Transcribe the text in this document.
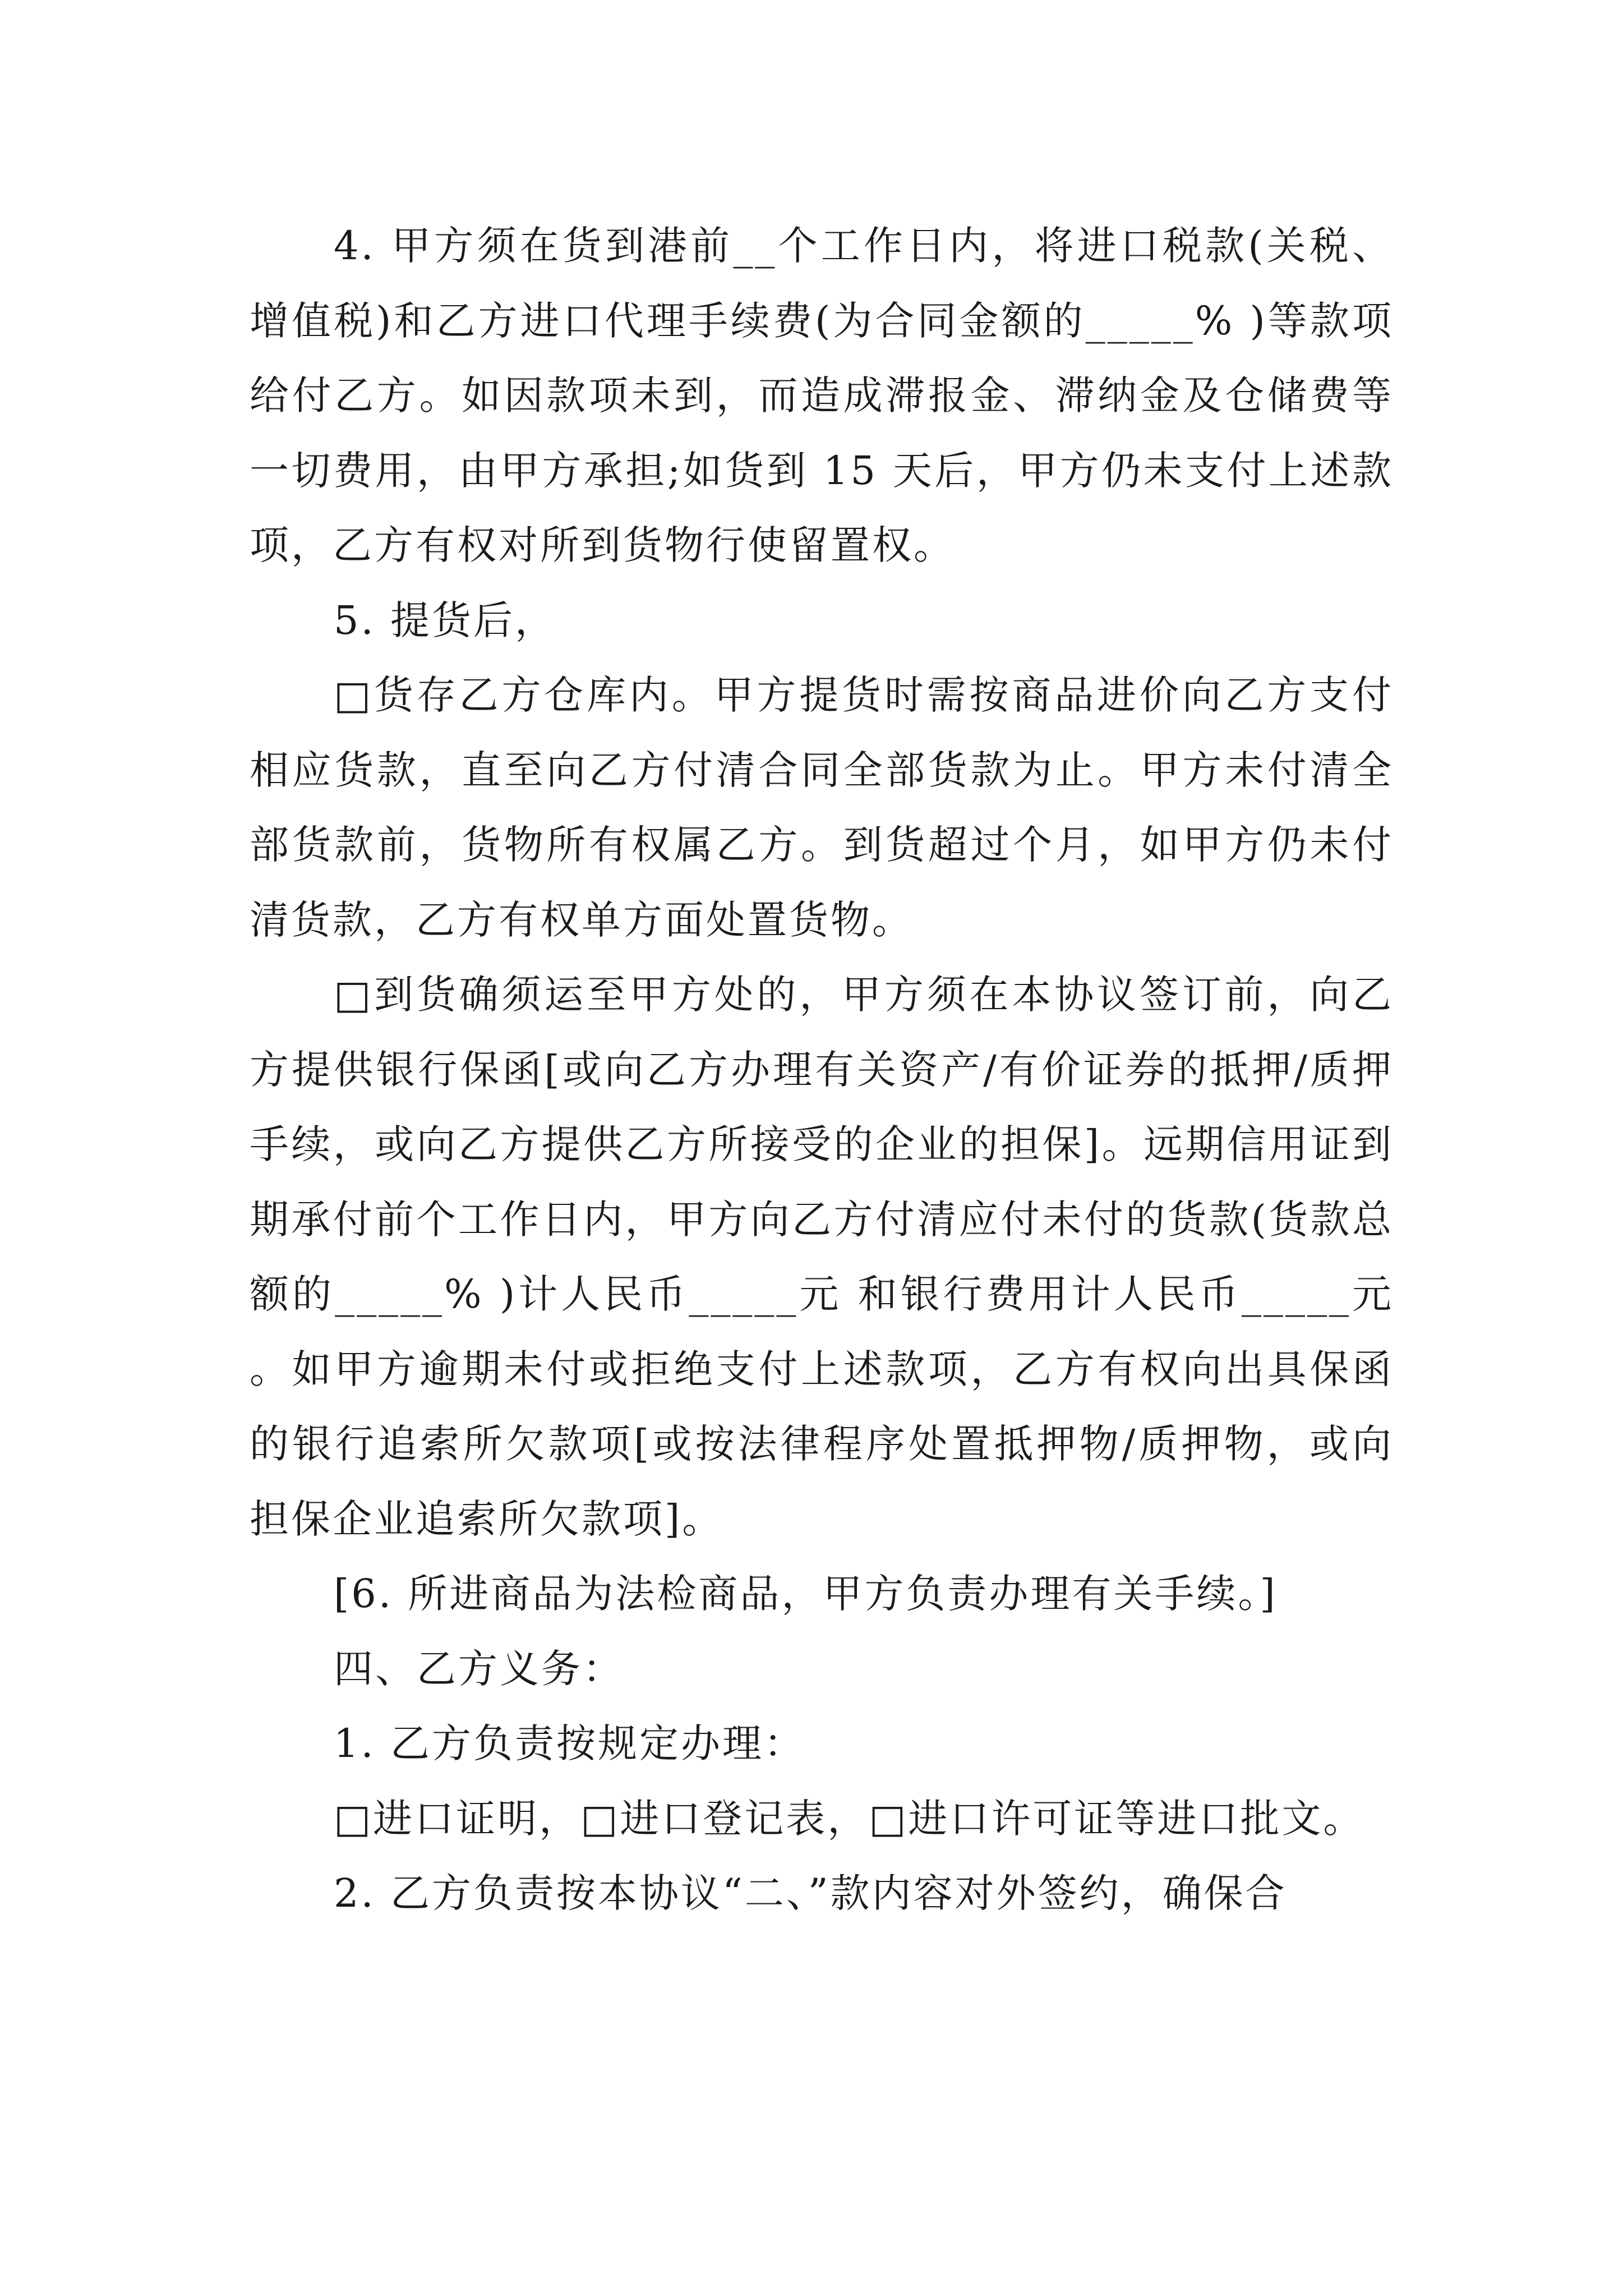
4. 甲方须在货到港前__个工作日内，将进口税款(关税、增值税)和乙方进口代理手续费(为合同金额的_____% )等款项给付乙方。如因款项未到，而造成滞报金、滞纳金及仓储费等一切费用，由甲方承担;如货到 15 天后，甲方仍未支付上述款项，乙方有权对所到货物行使留置权。

5. 提货后，

□货存乙方仓库内。甲方提货时需按商品进价向乙方支付相应货款，直至向乙方付清合同全部货款为止。甲方未付清全部货款前，货物所有权属乙方。到货超过个月，如甲方仍未付清货款，乙方有权单方面处置货物。

□到货确须运至甲方处的，甲方须在本协议签订前，向乙方提供银行保函[或向乙方办理有关资产/有价证券的抵押/质押手续，或向乙方提供乙方所接受的企业的担保]。远期信用证到期承付前个工作日内，甲方向乙方付清应付未付的货款(货款总额的_____% )计人民币_____元 和银行费用计人民币_____元 。如甲方逾期未付或拒绝支付上述款项，乙方有权向出具保函的银行追索所欠款项[或按法律程序处置抵押物/质押物，或向担保企业追索所欠款项]。

[6. 所进商品为法检商品，甲方负责办理有关手续。]

四、乙方义务：

1. 乙方负责按规定办理：

□进口证明，□进口登记表，□进口许可证等进口批文。

2. 乙方负责按本协议“二、”款内容对外签约，确保合
